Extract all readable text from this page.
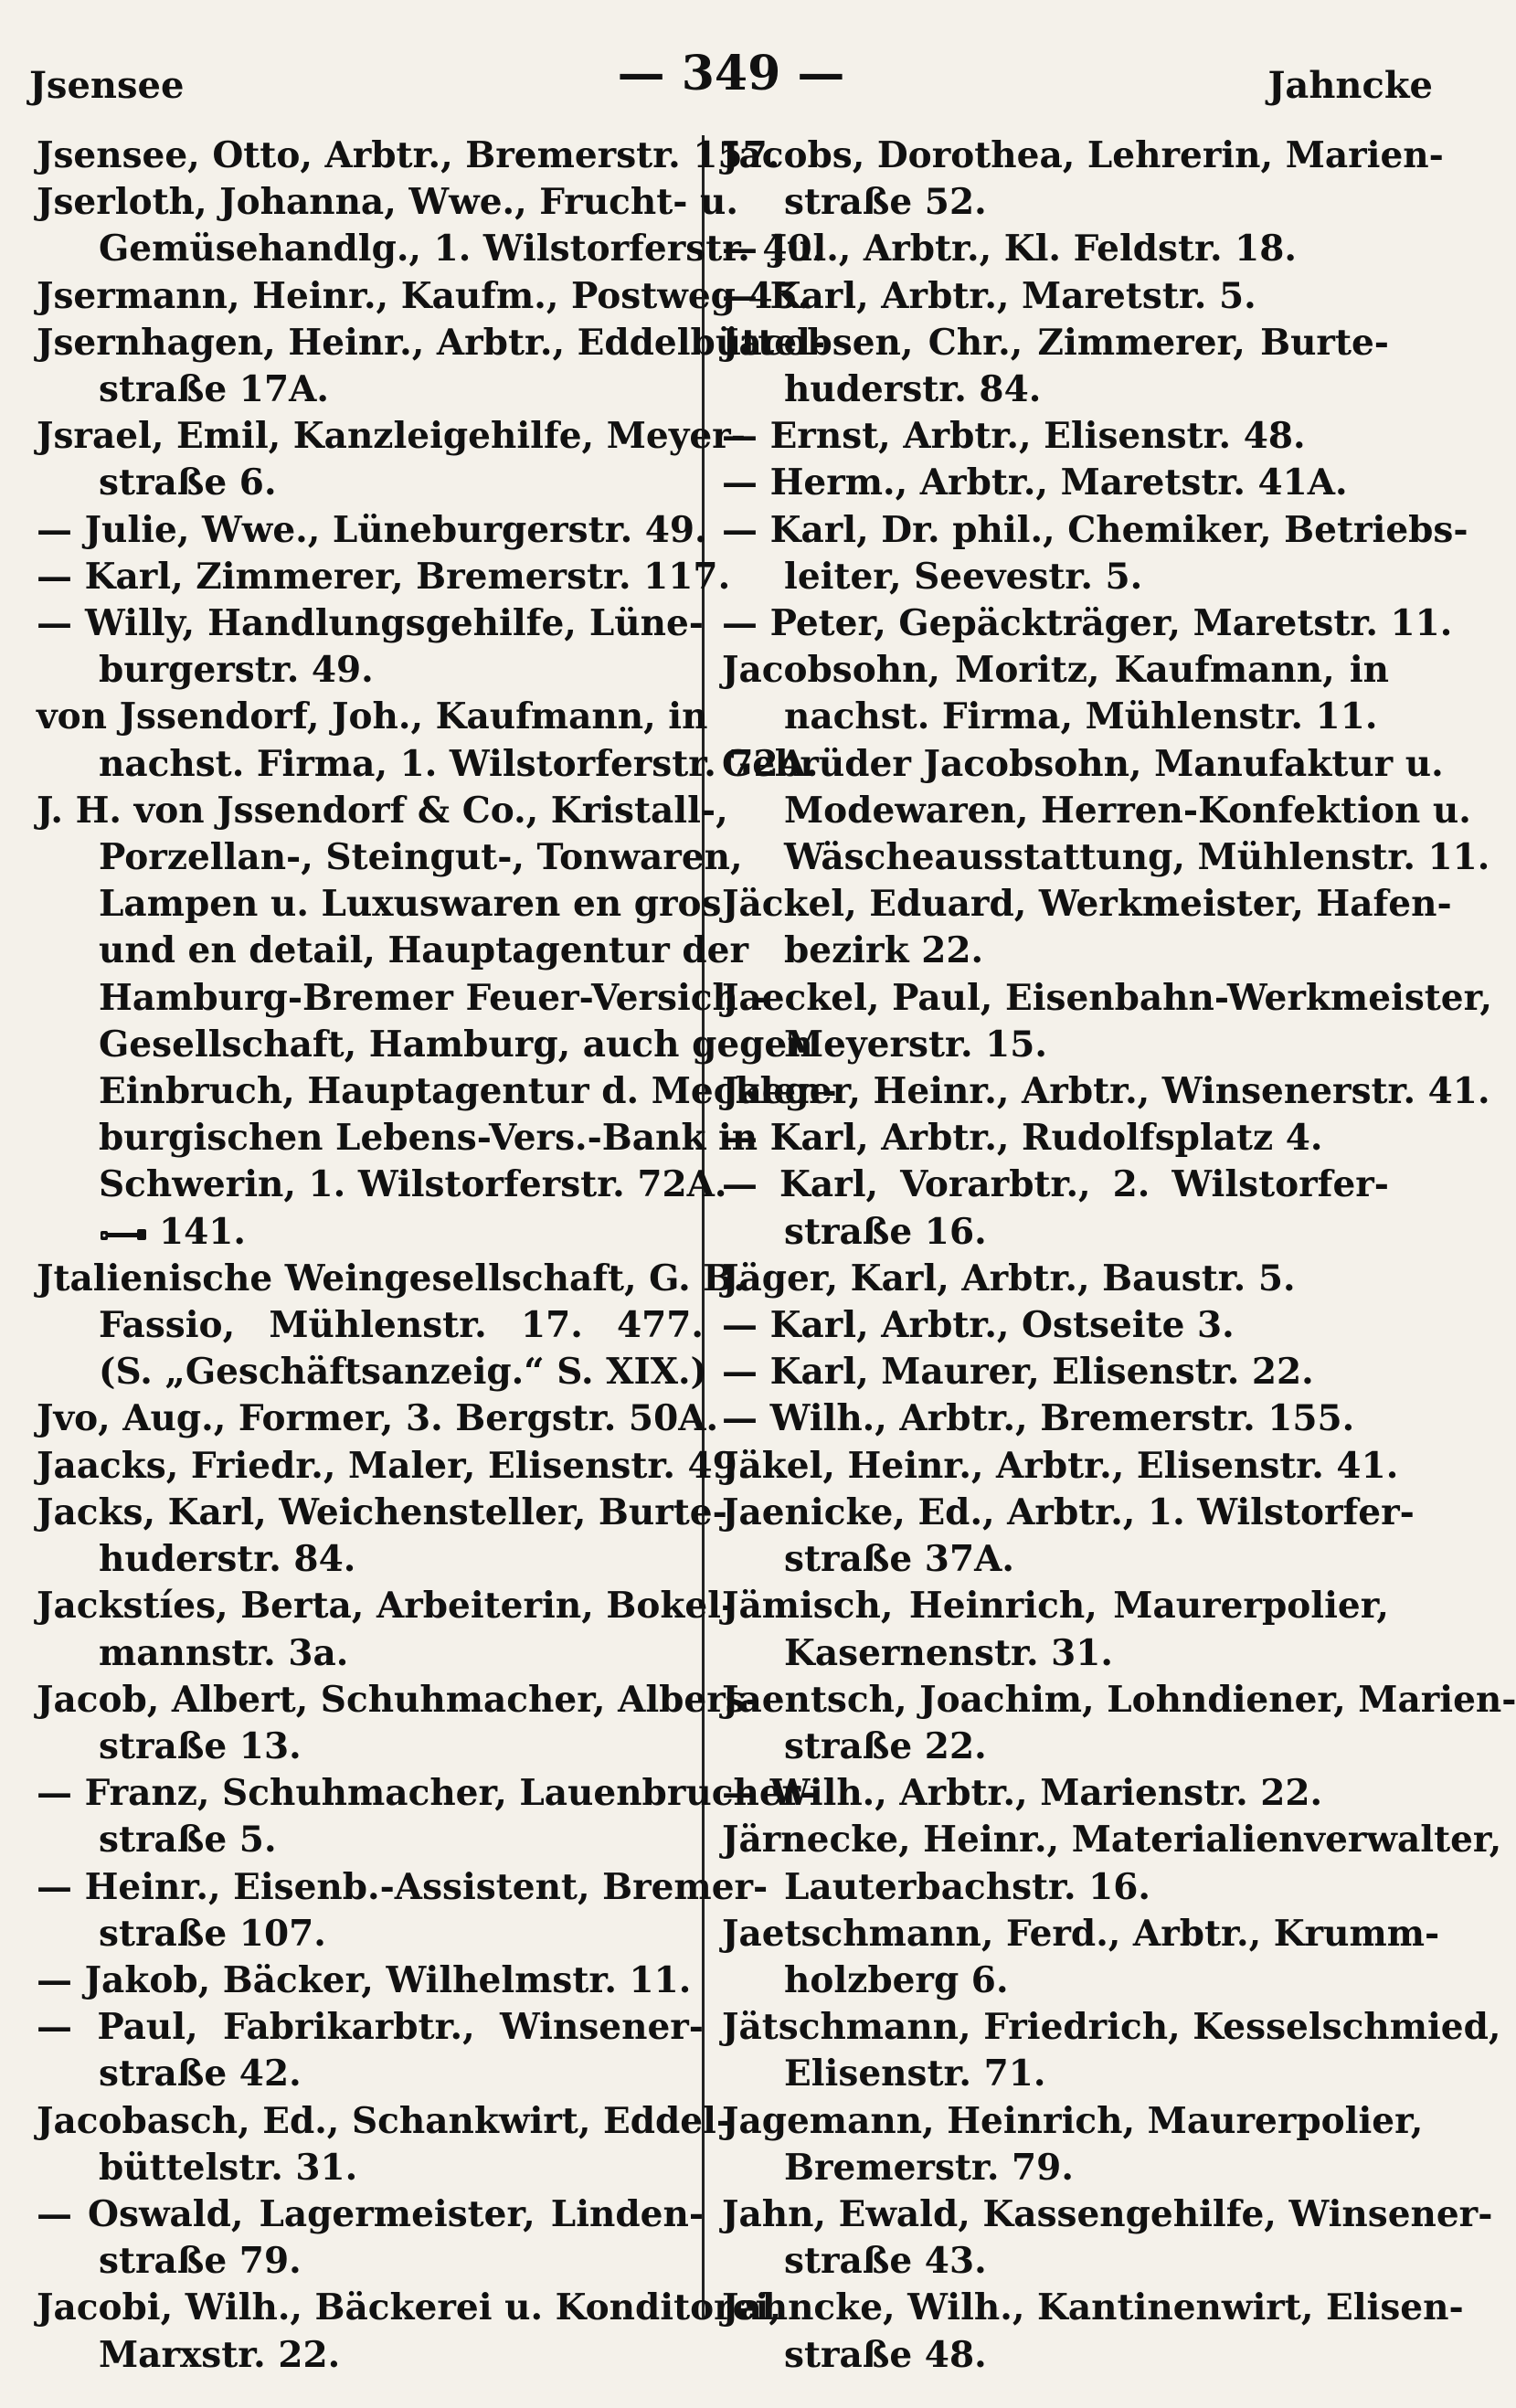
Jsensee	— 349 —	Jahncke
Jsensee, Otto, Arbtr., Bremerstr. 157.
Jserloth, Johanna, Wwe., Frucht- u.
Gemüsehandlg., 1. Wilstorferstr. 40.
Jsermann, Heinr., Kaufm., Postweg 45.
Jsernhagen, Heinr., Arbtr., Eddelbüttel-
straße 17A.
Jsrael, Emil, Kanzleigehilfe, Meyer-
straße 6.
— Julie, Wwe., Lüneburgerstr. 49.
— Karl, Zimmerer, Bremerstr. 117.
— Willy, Handlungsgehilfe, Lüne-
burgerstr. 49.
von Jssendorf, Joh., Kaufmann, in
nachst. Firma, 1. Wilstorferstr. 72A.
J. H. von Jssendorf & Co., Kristall-,
Porzellan-, Steingut-, Tonwaren,
Lampen u. Luxuswaren en gros
und en detail, Hauptagentur der
Hamburg-Bremer Feuer-Versich.-
Gesellschaft, Hamburg, auch gegen
Einbruch, Hauptagentur d. Mecklen-
burgischen Lebens-Vers.-Bank in
Schwerin, 1. Wilstorferstr. 72A.
141.
Jtalienische Weingesellschaft, G. B.
Fassio, Mühlenstr. 17. 477.
(S. „Geschäftsanzeig.“ S. XIX.)
Jvo, Aug., Former, 3. Bergstr. 50A.
Jaacks, Friedr., Maler, Elisenstr. 49.
Jacks, Karl, Weichensteller, Burte-
huderstr. 84.
Jackstíes, Berta, Arbeiterin, Bokel-
mannstr. 3a.
Jacob, Albert, Schuhmacher, Albers-
straße 13.
— Franz, Schuhmacher, Lauenbrucher-
straße 5.
— Heinr., Eisenb.-Assistent, Bremer-
straße 107.
— Jakob, Bäcker, Wilhelmstr. 11.
— Paul, Fabrikarbtr., Winsener-
straße 42.
Jacobasch, Ed., Schankwirt, Eddel-
büttelstr. 31.
— Oswald, Lagermeister, Linden-
straße 79.
Jacobi, Wilh., Bäckerei u. Konditorei,
Marxstr. 22.
Jacobs, Dorothea, Lehrerin, Marien-
straße 52.
— Jul., Arbtr., Kl. Feldstr. 18.
— Karl, Arbtr., Maretstr. 5.
Jacobsen, Chr., Zimmerer, Burte-
huderstr. 84.
— Ernst, Arbtr., Elisenstr. 48.
— Herm., Arbtr., Maretstr. 41A.
— Karl, Dr. phil., Chemiker, Betriebs-
leiter, Seevestr. 5.
— Peter, Gepäckträger, Maretstr. 11.
Jacobsohn, Moritz, Kaufmann, in
nachst. Firma, Mühlenstr. 11.
Gebrüder Jacobsohn, Manufaktur u.
Modewaren, Herren-Konfektion u.
Wäscheausstattung, Mühlenstr. 11.
Jäckel, Eduard, Werkmeister, Hafen-
bezirk 22.
Jaeckel, Paul, Eisenbahn-Werkmeister,
Meyerstr. 15.
Jaeger, Heinr., Arbtr., Winsenerstr. 41.
— Karl, Arbtr., Rudolfsplatz 4.
— Karl, Vorarbtr., 2. Wilstorfer-
straße 16.
Jäger, Karl, Arbtr., Baustr. 5.
— Karl, Arbtr., Ostseite 3.
— Karl, Maurer, Elisenstr. 22.
— Wilh., Arbtr., Bremerstr. 155.
Jäkel, Heinr., Arbtr., Elisenstr. 41.
Jaenicke, Ed., Arbtr., 1. Wilstorfer-
straße 37A.
Jämisch, Heinrich, Maurerpolier,
Kasernenstr. 31.
Jaentsch, Joachim, Lohndiener, Marien-
straße 22.
— Wilh., Arbtr., Marienstr. 22.
Järnecke, Heinr., Materialienverwalter,
Lauterbachstr. 16.
Jaetschmann, Ferd., Arbtr., Krumm-
holzberg 6.
Jätschmann, Friedrich, Kesselschmied,
Elisenstr. 71.
Jagemann, Heinrich, Maurerpolier,
Bremerstr. 79.
Jahn, Ewald, Kassengehilfe, Winsener-
straße 43.
Jahncke, Wilh., Kantinenwirt, Elisen-
straße 48.
